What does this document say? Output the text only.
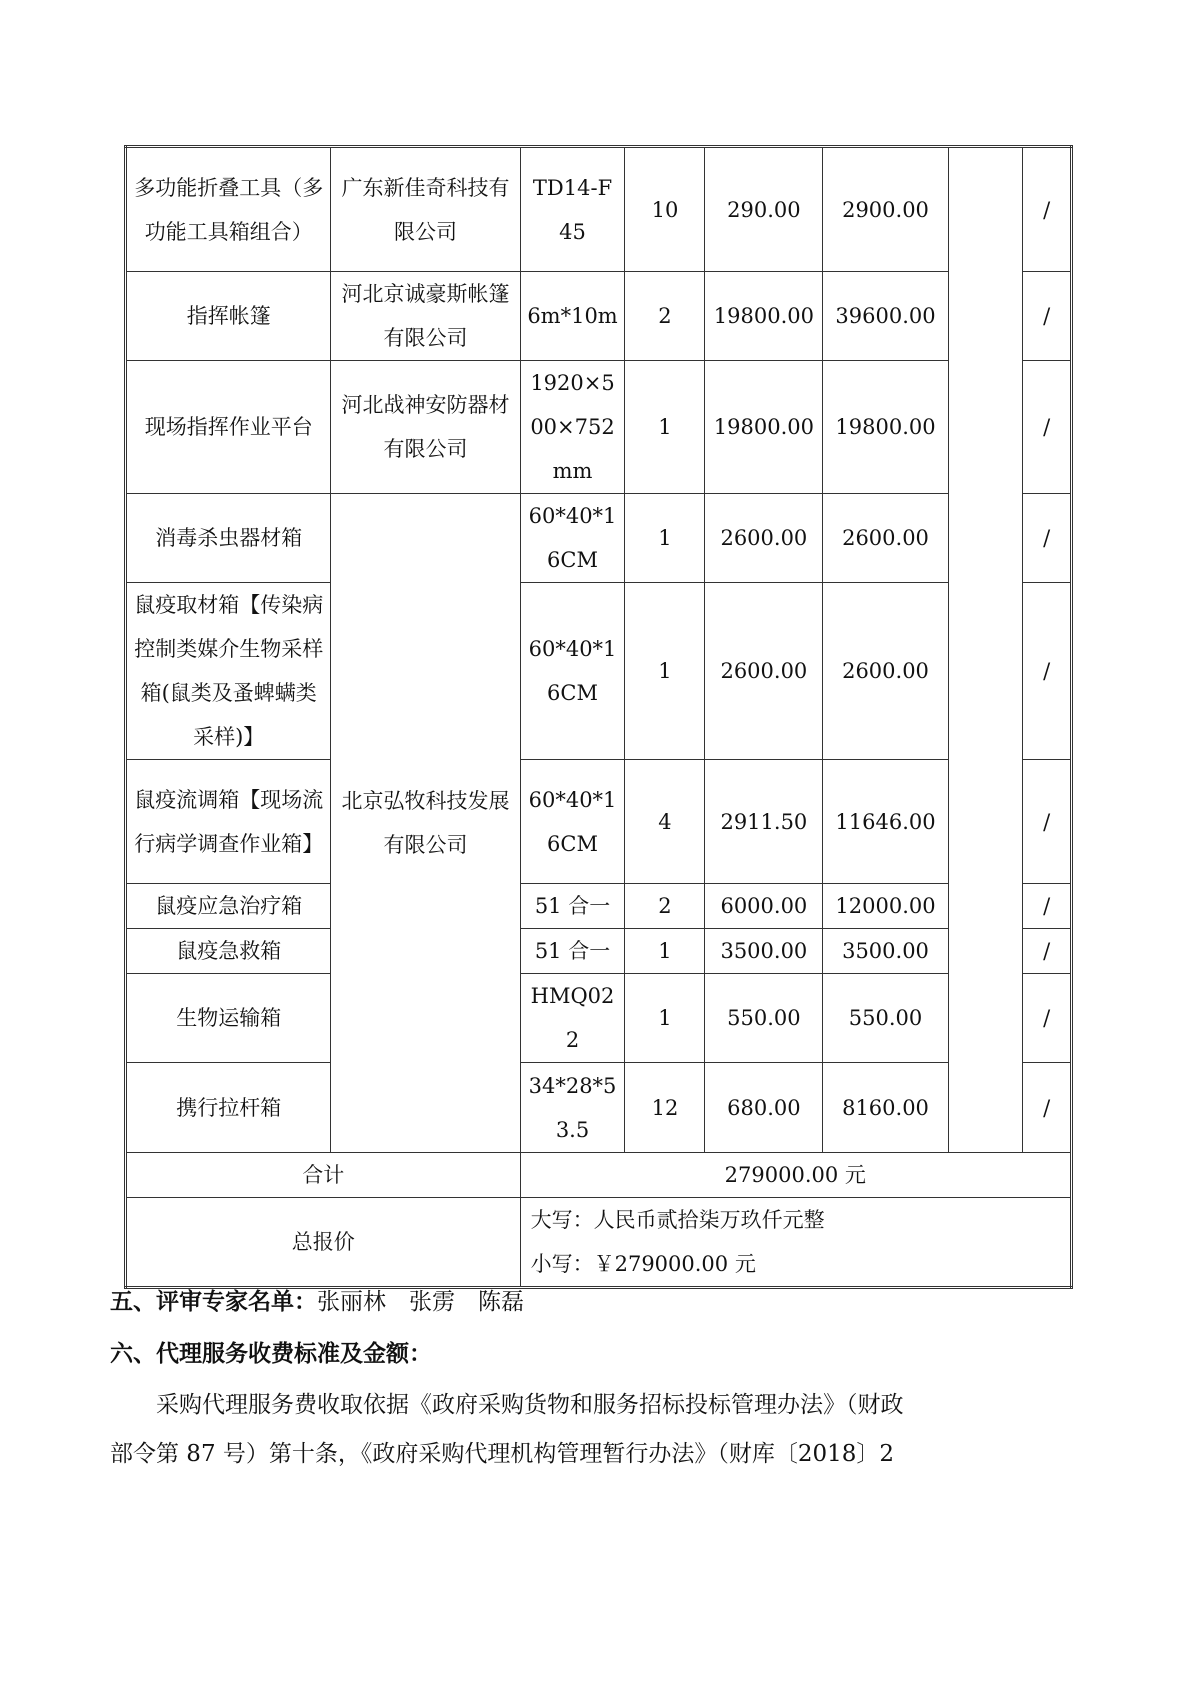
多功能折叠工具（多功能工具箱组合）	广东新佳奇科技有限公司	TD14-F45	10	290.00	2900.00		/
指挥帐篷	河北京诚豪斯帐篷有限公司	6m*10m	2	19800.00	39600.00		/
现场指挥作业平台	河北战神安防器材有限公司	1920×500×752mm	1	19800.00	19800.00		/
消毒杀虫器材箱	北京弘牧科技发展有限公司	60*40*16CM	1	2600.00	2600.00		/
鼠疫取材箱【传染病控制类媒介生物采样箱(鼠类及蚤蜱螨类采样)】		60*40*16CM	1	2600.00	2600.00		/
鼠疫流调箱【现场流行病学调查作业箱】		60*40*16CM	4	2911.50	11646.00		/
鼠疫应急治疗箱		51 合一	2	6000.00	12000.00		/
鼠疫急救箱		51 合一	1	3500.00	3500.00		/
生物运输箱		HMQ022	1	550.00	550.00		/
携行拉杆箱		34*28*53.5	12	680.00	8160.00		/
合计		279000.00 元					
总报价		大写：人民币贰拾柒万玖仟元整
小写：￥279000.00 元					
五、评审专家名单：张丽林　张雳　陈磊
六、代理服务收费标准及金额：
采购代理服务费收取依据《政府采购货物和服务招标投标管理办法》（财政
部令第 87 号）第十条，《政府采购代理机构管理暂行办法》（财库〔2018〕2
